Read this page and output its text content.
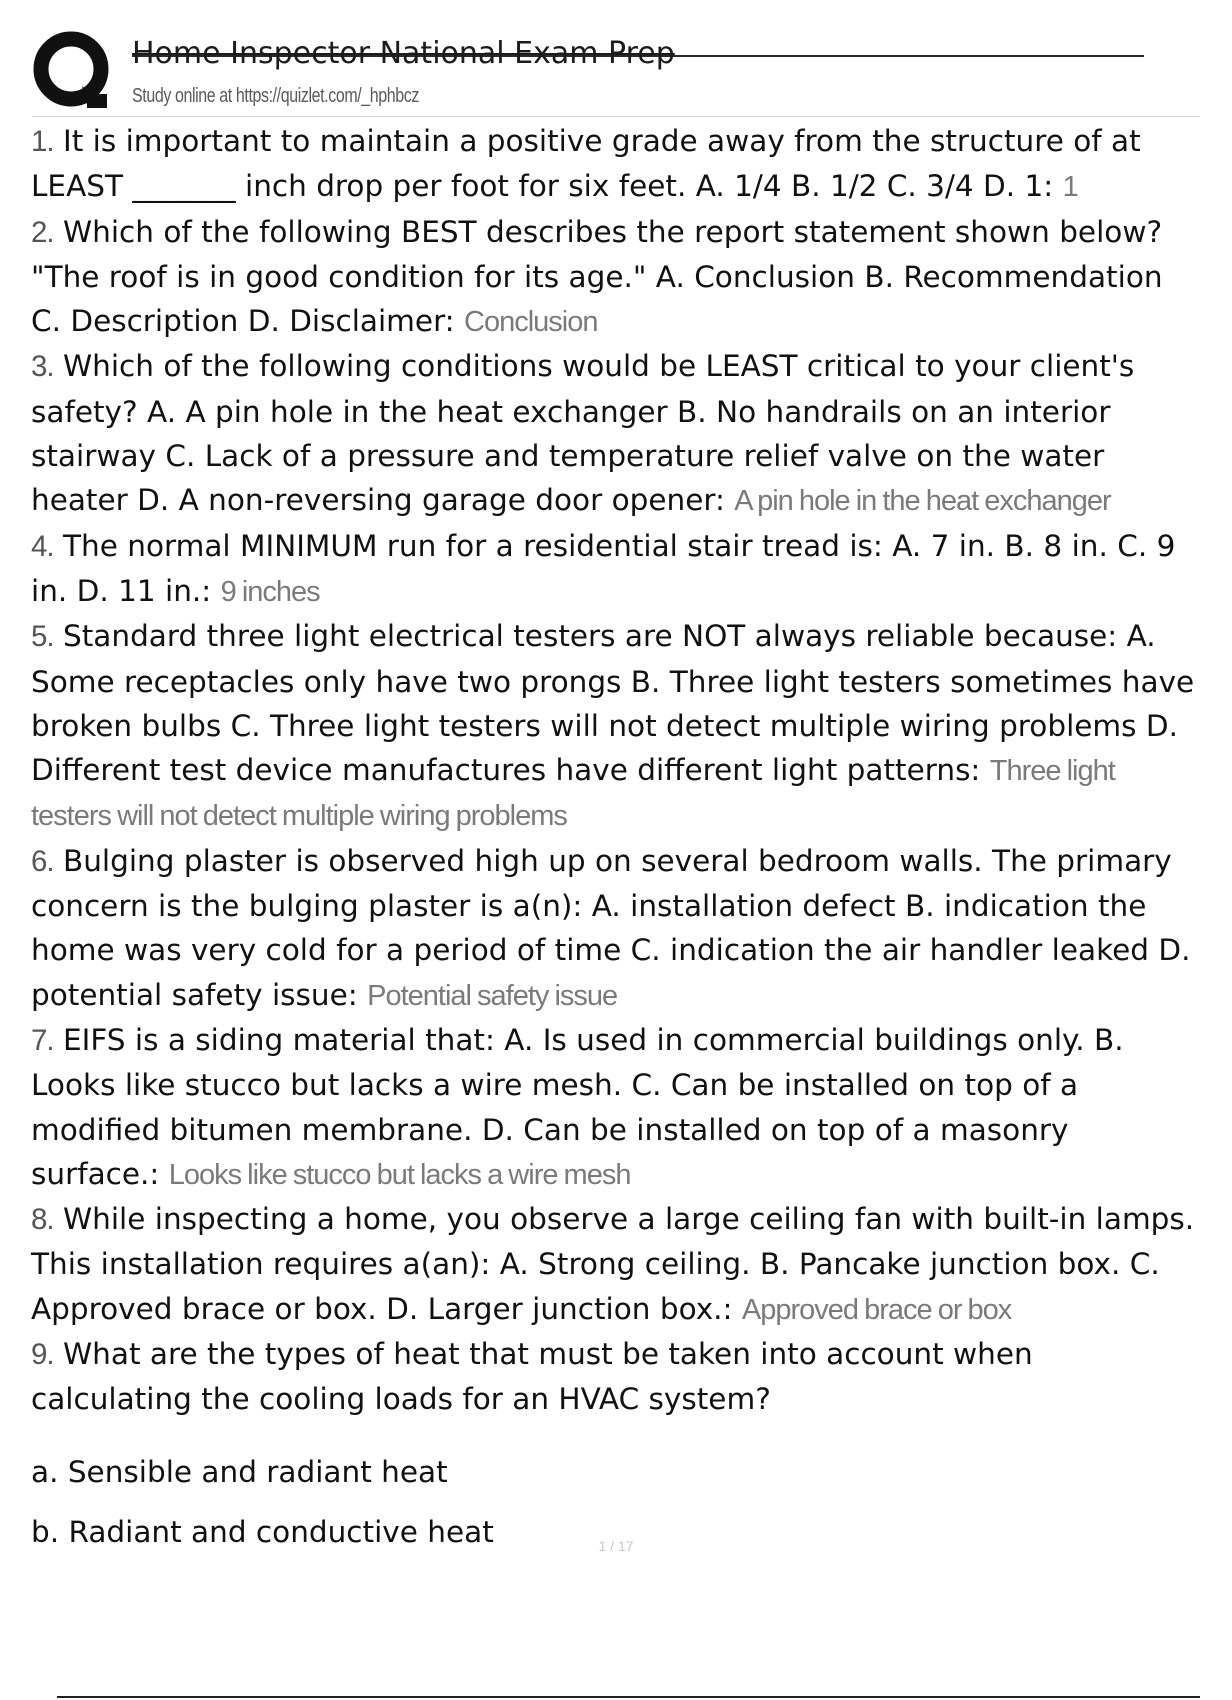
Home Inspector National Exam Prep
Study online at https://quizlet.com/_hphbcz
1. It is important to maintain a positive grade away from the structure of at LEAST _______ inch drop per foot for six feet. A. 1/4 B. 1/2 C. 3/4 D. 1: 1
2. Which of the following BEST describes the report statement shown below? "The roof is in good condition for its age." A. Conclusion B. Recommendation C. Description D. Disclaimer: Conclusion
3. Which of the following conditions would be LEAST critical to your client's safety? A. A pin hole in the heat exchanger B. No handrails on an interior stairway C. Lack of a pressure and temperature relief valve on the water heater D. A non-reversing garage door opener: A pin hole in the heat exchanger
4. The normal MINIMUM run for a residential stair tread is: A. 7 in. B. 8 in. C. 9 in. D. 11 in.: 9 inches
5. Standard three light electrical testers are NOT always reliable because: A. Some receptacles only have two prongs B. Three light testers sometimes have broken bulbs C. Three light testers will not detect multiple wiring problems D. Different test device manufactures have different light patterns: Three light testers will not detect multiple wiring problems
6. Bulging plaster is observed high up on several bedroom walls. The primary concern is the bulging plaster is a(n): A. installation defect B. indication the home was very cold for a period of time C. indication the air handler leaked D. potential safety issue: Potential safety issue
7. EIFS is a siding material that: A. Is used in commercial buildings only. B. Looks like stucco but lacks a wire mesh. C. Can be installed on top of a modified bitumen membrane. D. Can be installed on top of a masonry surface.: Looks like stucco but lacks a wire mesh
8. While inspecting a home, you observe a large ceiling fan with built-in lamps. This installation requires a(an): A. Strong ceiling. B. Pancake junction box. C. Approved brace or box. D. Larger junction box.: Approved brace or box
9. What are the types of heat that must be taken into account when calculating the cooling loads for an HVAC system?
a. Sensible and radiant heat
b. Radiant and conductive heat	1 / 17
